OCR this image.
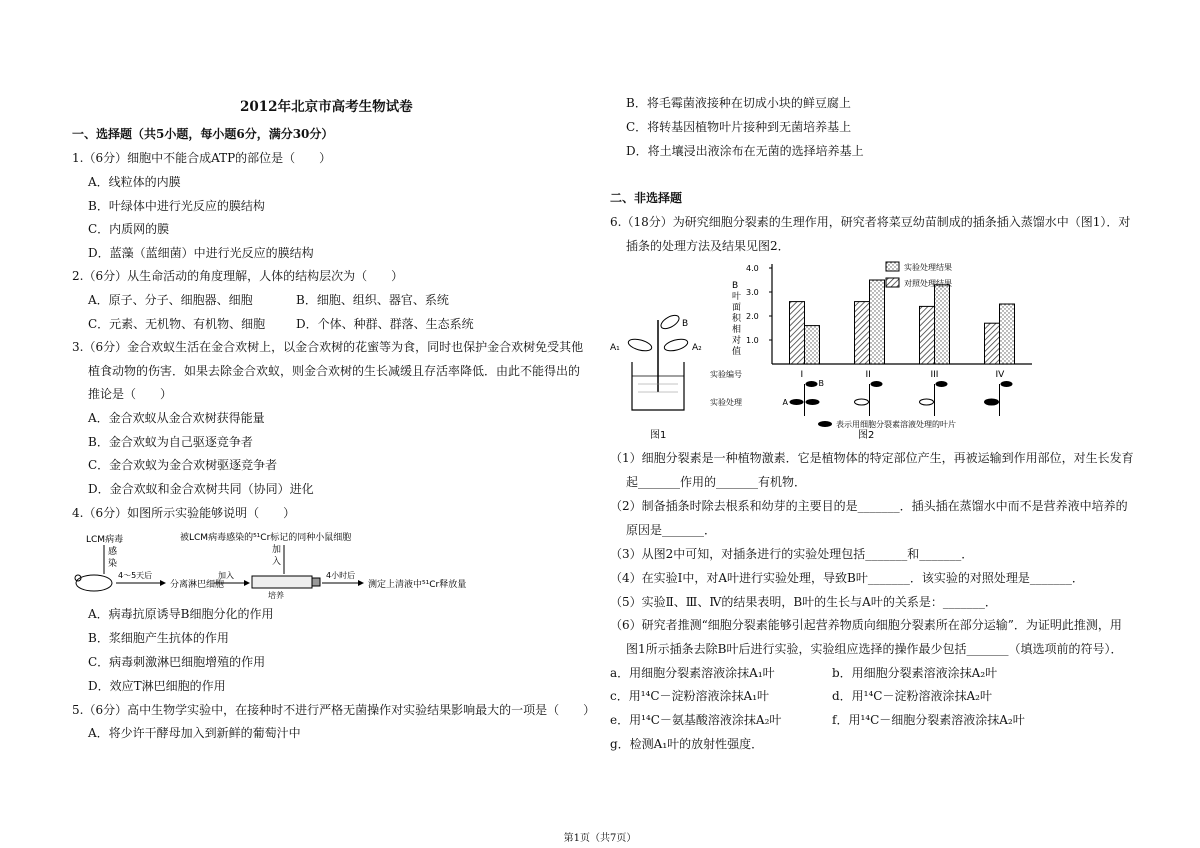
2012年北京市高考生物试卷
一、选择题（共5小题，每小题6分，满分30分）
1.（6分）细胞中不能合成ATP的部位是（　　）
A．线粒体的内膜
B．叶绿体中进行光反应的膜结构
C．内质网的膜
D．蓝藻（蓝细菌）中进行光反应的膜结构
2.（6分）从生命活动的角度理解，人体的结构层次为（　　）
A．原子、分子、细胞器、细胞	B．细胞、组织、器官、系统
C．元素、无机物、有机物、细胞	D．个体、种群、群落、生态系统
3.（6分）金合欢蚁生活在金合欢树上，以金合欢树的花蜜等为食，同时也保护金合欢树免受其他
植食动物的伤害．如果去除金合欢蚁，则金合欢树的生长减缓且存活率降低．由此不能得出的
推论是（　　）
A．金合欢蚁从金合欢树获得能量
B．金合欢蚁为自己驱逐竞争者
C．金合欢蚁为金合欢树驱逐竞争者
D．金合欢蚁和金合欢树共同（协同）进化
4.（6分）如图所示实验能够说明（　　）
LCM病毒
感
染
4～5天后
分离淋巴细胞
加入
被LCM病毒感染的⁵¹Cr标记的同种小鼠细胞
加
入
培养
4小时后
测定上清液中⁵¹Cr释放量
A．病毒抗原诱导B细胞分化的作用
B．浆细胞产生抗体的作用
C．病毒刺激淋巴细胞增殖的作用
D．效应T淋巴细胞的作用
5.（6分）高中生物学实验中，在接种时不进行严格无菌操作对实验结果影响最大的一项是（　　）
A．将少许干酵母加入到新鲜的葡萄汁中
B．将毛霉菌液接种在切成小块的鲜豆腐上
C．将转基因植物叶片接种到无菌培养基上
D．将土壤浸出液涂布在无菌的选择培养基上
二、非选择题
6.（18分）为研究细胞分裂素的生理作用，研究者将菜豆幼苗制成的插条插入蒸馏水中（图1）．对
插条的处理方法及结果见图2．
B
A₁	A₂
图1	图2
B
叶
面
积
相
对
值
4.0
3.0
2.0
1.0
I
A
B
II	III	IV
实验编号
实验处理
实验处理结果
对照处理结果
表示用细胞分裂素溶液处理的叶片
（1）细胞分裂素是一种植物激素．它是植物体的特定部位产生，再被运输到作用部位，对生长发育
起_______作用的_______有机物．
（2）制备插条时除去根系和幼芽的主要目的是_______．插头插在蒸馏水中而不是营养液中培养的
原因是_______．
（3）从图2中可知，对插条进行的实验处理包括_______和_______．
（4）在实验Ⅰ中，对A叶进行实验处理，导致B叶_______．该实验的对照处理是_______．
（5）实验Ⅱ、Ⅲ、Ⅳ的结果表明，B叶的生长与A叶的关系是：_______．
（6）研究者推测“细胞分裂素能够引起营养物质向细胞分裂素所在部分运输”．为证明此推测，用
图1所示插条去除B叶后进行实验，实验组应选择的操作最少包括_______（填选项前的符号）．
a．用细胞分裂素溶液涂抹A₁叶	b．用细胞分裂素溶液涂抹A₂叶
c．用¹⁴C－淀粉溶液涂抹A₁叶	d．用¹⁴C－淀粉溶液涂抹A₂叶
e．用¹⁴C－氨基酸溶液涂抹A₂叶	f．用¹⁴C－细胞分裂素溶液涂抹A₂叶
g．检测A₁叶的放射性强度．
第1页（共7页）
